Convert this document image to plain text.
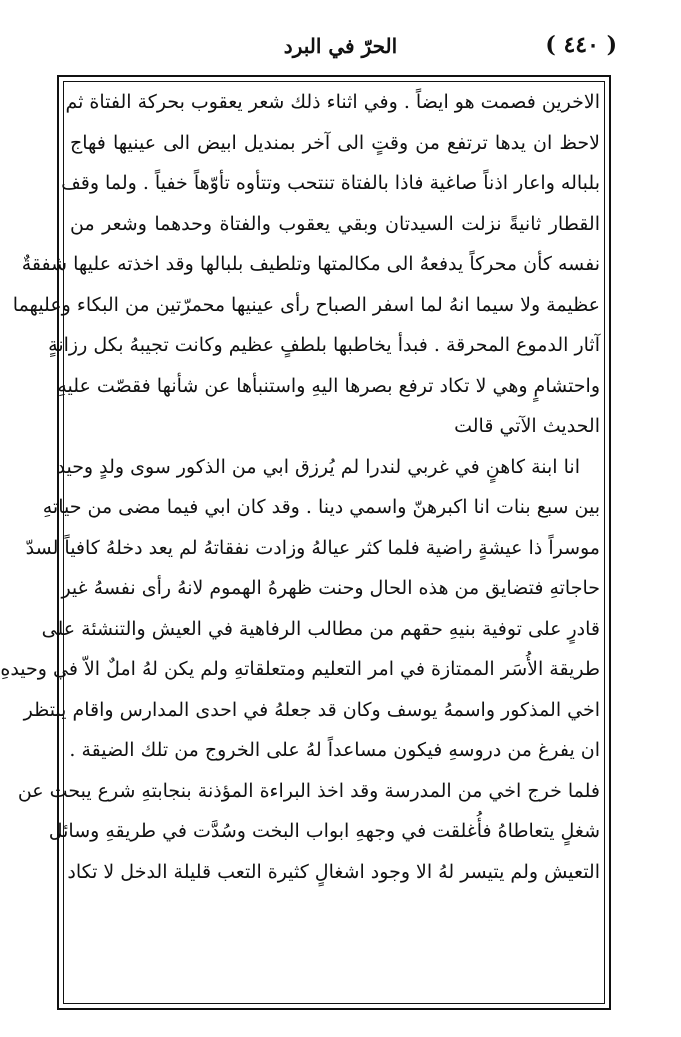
( ٤٤٠ )
الحرّ في البرد
الاخرين فصمت هو ايضاً . وفي اثناء ذلك شعر يعقوب بحركة الفتاة ثم
لاحظ ان يدها ترتفع من وقتٍ الى آخر بمنديل ابيض الى عينيها فهاج
بلباله واعار اذناً صاغية فاذا بالفتاة تنتحب وتتأوه تأوّهاً خفياً . ولما وقف
القطار ثانيةً نزلت السيدتان وبقي يعقوب والفتاة وحدهما وشعر من
نفسه كأن محركاً يدفعهُ الى مكالمتها وتلطيف بلبالها وقد اخذته عليها شفقةٌ
عظيمة ولا سيما انهُ لما اسفر الصباح رأى عينيها محمرّتين من البكاء وعليهما
آثار الدموع المحرقة . فبدأ يخاطبها بلطفٍ عظيم وكانت تجيبهُ بكل رزانةٍ
واحتشامٍ وهي لا تكاد ترفع بصرها اليهِ واستنبأها عن شأنها فقصّت عليهِ
الحديث الآتي قالت
انا ابنة كاهنٍ في غربي لندرا لم يُرزق ابي من الذكور سوى ولدٍ وحيد
بين سبع بنات انا اكبرهنّ واسمي دينا . وقد كان ابي فيما مضى من حياتهِ
موسراً ذا عيشةٍ راضية فلما كثر عيالهُ وزادت نفقاتهُ لم يعد دخلهُ كافياً لسدّ
حاجاتهِ فتضايق من هذه الحال وحنت ظهرهُ الهموم لانهُ رأى نفسهُ غير
قادرٍ على توفية بنيهِ حقهم من مطالب الرفاهية في العيش والتنشئة على
طريقة الأُسَر الممتازة في امر التعليم ومتعلقاتهِ ولم يكن لهُ املٌ الاّ في وحيدهِ
اخي المذكور واسمهُ يوسف وكان قد جعلهُ في احدى المدارس واقام ينتظر
ان يفرغ من دروسهِ فيكون مساعداً لهُ على الخروج من تلك الضيقة .
فلما خرج اخي من المدرسة وقد اخذ البراءة المؤذنة بنجابتهِ شرع يبحث عن
شغلٍ يتعاطاهُ فأُغلقت في وجههِ ابواب البخت وسُدَّت في طريقهِ وسائل
التعيش ولم يتيسر لهُ الا وجود اشغالٍ كثيرة التعب قليلة الدخل لا تكاد
